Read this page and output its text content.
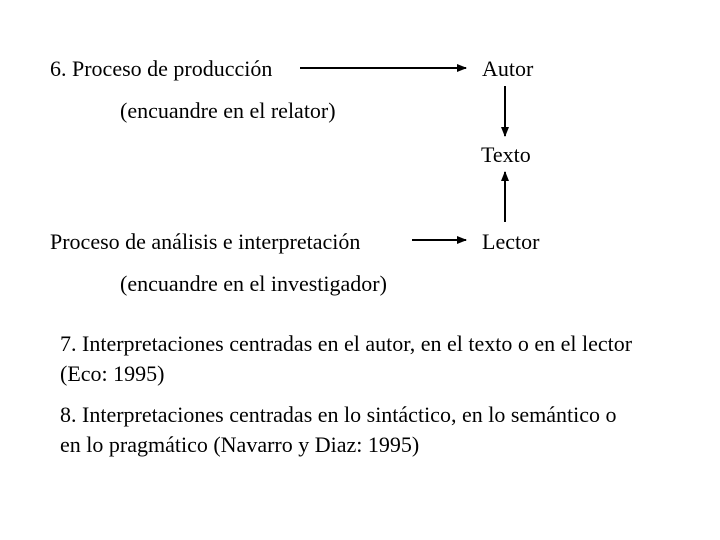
6. Proceso de producción	Autor
(encuandre en el relator)
Texto
Proceso de análisis e interpretación	Lector
(encuandre en el investigador)
7. Interpretaciones centradas en el autor, en el texto o en el lector (Eco: 1995)
8. Interpretaciones centradas en lo sintáctico, en lo semántico o en lo pragmático (Navarro y Diaz: 1995)
